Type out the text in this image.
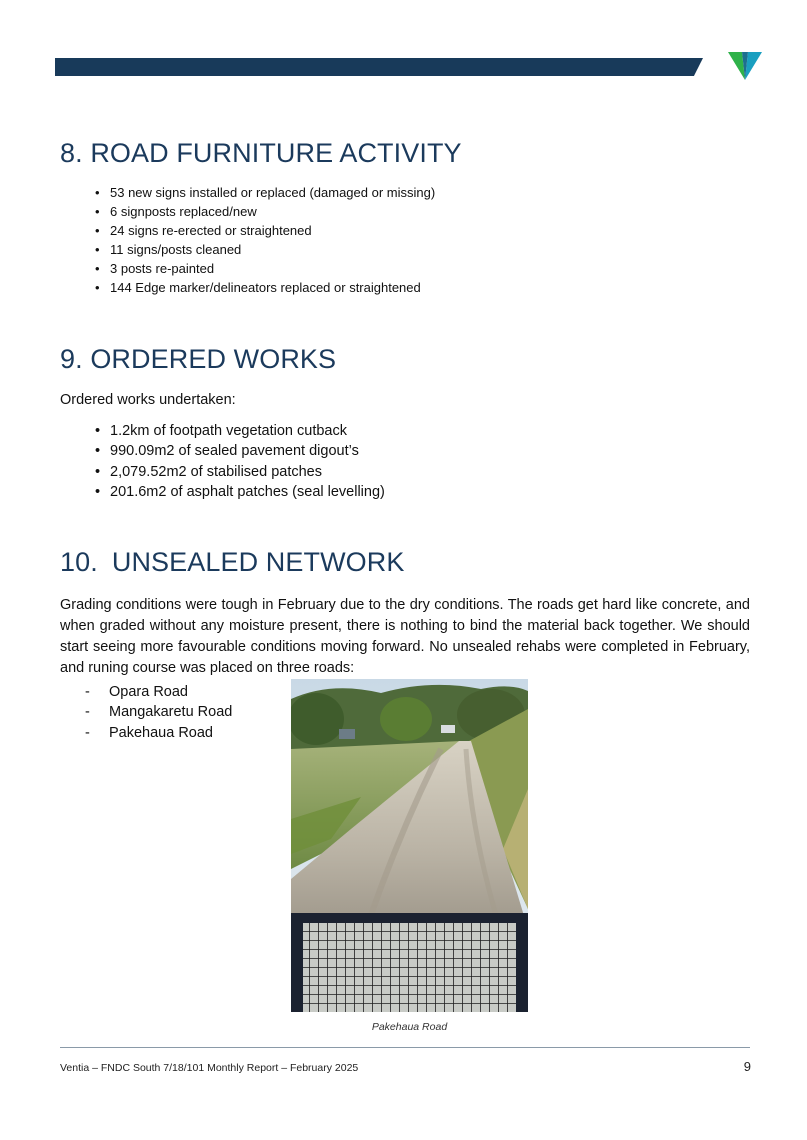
8. ROAD FURNITURE ACTIVITY
• 53 new signs installed or replaced (damaged or missing)
• 6 signposts replaced/new
• 24 signs re-erected or straightened
• 11 signs/posts cleaned
• 3 posts re-painted
• 144 Edge marker/delineators replaced or straightened
9. ORDERED WORKS

Ordered works undertaken:

• 1.2km of footpath vegetation cutback
• 990.09m2 of sealed pavement digout’s
• 2,079.52m2 of stabilised patches
• 201.6m2 of asphalt patches (seal levelling)
10. UNSEALED NETWORK

Grading conditions were tough in February due to the dry conditions. The roads get hard like concrete, and when graded without any moisture present, there is nothing to bind the material back together. We should start seeing more favourable conditions moving forward. No unsealed rehabs were completed in February, and runing course was placed on three roads:

- Opara Road
- Mangakaretu Road
- Pakehaua Road
Pakehaua Road
Ventia – FNDC South 7/18/101 Monthly Report – February 2025	9
